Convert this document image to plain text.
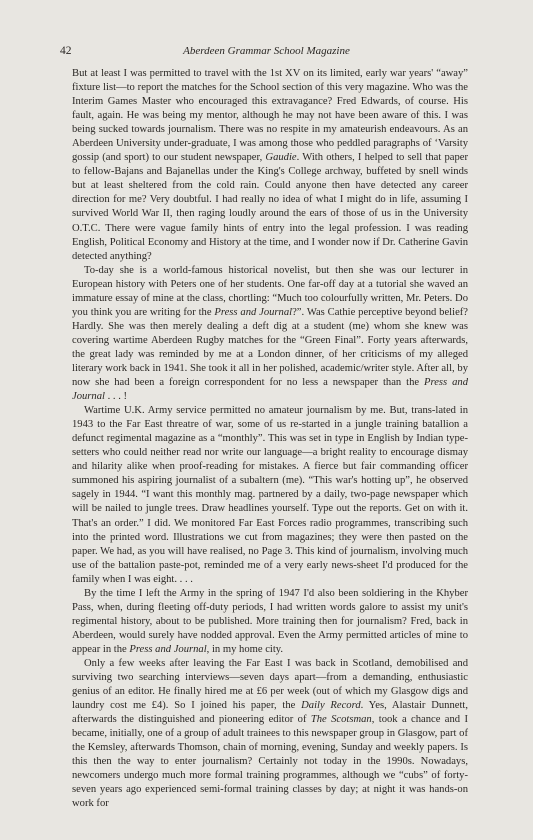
42	Aberdeen Grammar School Magazine

But at least I was permitted to travel with the 1st XV on its limited, early war years' “away” fixture list—to report the matches for the School section of this very magazine. Who was the Interim Games Master who encouraged this extravagance? Fred Edwards, of course. His fault, again. He was being my mentor, although he may not have been aware of this. I was being sucked towards journalism. There was no respite in my amateurish endeavours. As an Aberdeen University under-graduate, I was among those who peddled paragraphs of ‘Varsity gossip (and sport) to our student newspaper, Gaudie. With others, I helped to sell that paper to fellow-Bajans and Bajanellas under the King's College archway, buffeted by snell winds but at least sheltered from the cold rain. Could anyone then have detected any career direction for me? Very doubtful. I had really no idea of what I might do in life, assuming I survived World War II, then raging loudly around the ears of those of us in the University O.T.C. There were vague family hints of entry into the legal profession. I was reading English, Political Economy and History at the time, and I wonder now if Dr. Catherine Gavin detected anything?

To-day she is a world-famous historical novelist, but then she was our lecturer in European history with Peters one of her students. One far-off day at a tutorial she waved an immature essay of mine at the class, chortling: “Much too colourfully written, Mr. Peters. Do you think you are writing for the Press and Journal?”. Was Cathie perceptive beyond belief? Hardly. She was then merely dealing a deft dig at a student (me) whom she knew was covering wartime Aberdeen Rugby matches for the “Green Final”. Forty years afterwards, the great lady was reminded by me at a London dinner, of her criticisms of my alleged literary work back in 1941. She took it all in her polished, academic/writer style. After all, by now she had been a foreign correspondent for no less a newspaper than the Press and Journal . . . !

Wartime U.K. Army service permitted no amateur journalism by me. But, trans-lated in 1943 to the Far East threatre of war, some of us re-started in a jungle training batallion a defunct regimental magazine as a “monthly”. This was set in type in English by Indian type-setters who could neither read nor write our language—a bright reality to encourage dismay and hilarity alike when proof-reading for mistakes. A fierce but fair commanding officer summoned his aspiring journalist of a subaltern (me). “This war's hotting up”, he observed sagely in 1944. “I want this monthly mag. partnered by a daily, two-page newspaper which will be nailed to jungle trees. Draw headlines yourself. Type out the reports. Get on with it. That's an order.” I did. We monitored Far East Forces radio programmes, transcribing such into the printed word. Illustrations we cut from magazines; they were then pasted on the paper. We had, as you will have realised, no Page 3. This kind of journalism, involving much use of the battalion paste-pot, reminded me of a very early news-sheet I'd produced for the family when I was eight. . . .

By the time I left the Army in the spring of 1947 I'd also been soldiering in the Khyber Pass, when, during fleeting off-duty periods, I had written words galore to assist my unit's regimental history, about to be published. More training then for journalism? Fred, back in Aberdeen, would surely have nodded approval. Even the Army permitted articles of mine to appear in the Press and Journal, in my home city.

Only a few weeks after leaving the Far East I was back in Scotland, demobilised and surviving two searching interviews—seven days apart—from a demanding, enthusiastic genius of an editor. He finally hired me at £6 per week (out of which my Glasgow digs and laundry cost me £4). So I joined his paper, the Daily Record. Yes, Alastair Dunnett, afterwards the distinguished and pioneering editor of The Scotsman, took a chance and I became, initially, one of a group of adult trainees to this newspaper group in Glasgow, part of the Kemsley, afterwards Thomson, chain of morning, evening, Sunday and weekly papers. Is this then the way to enter journalism? Certainly not today in the 1990s. Nowadays, newcomers undergo much more formal training programmes, although we “cubs” of forty-seven years ago experienced semi-formal training classes by day; at night it was hands-on work for
